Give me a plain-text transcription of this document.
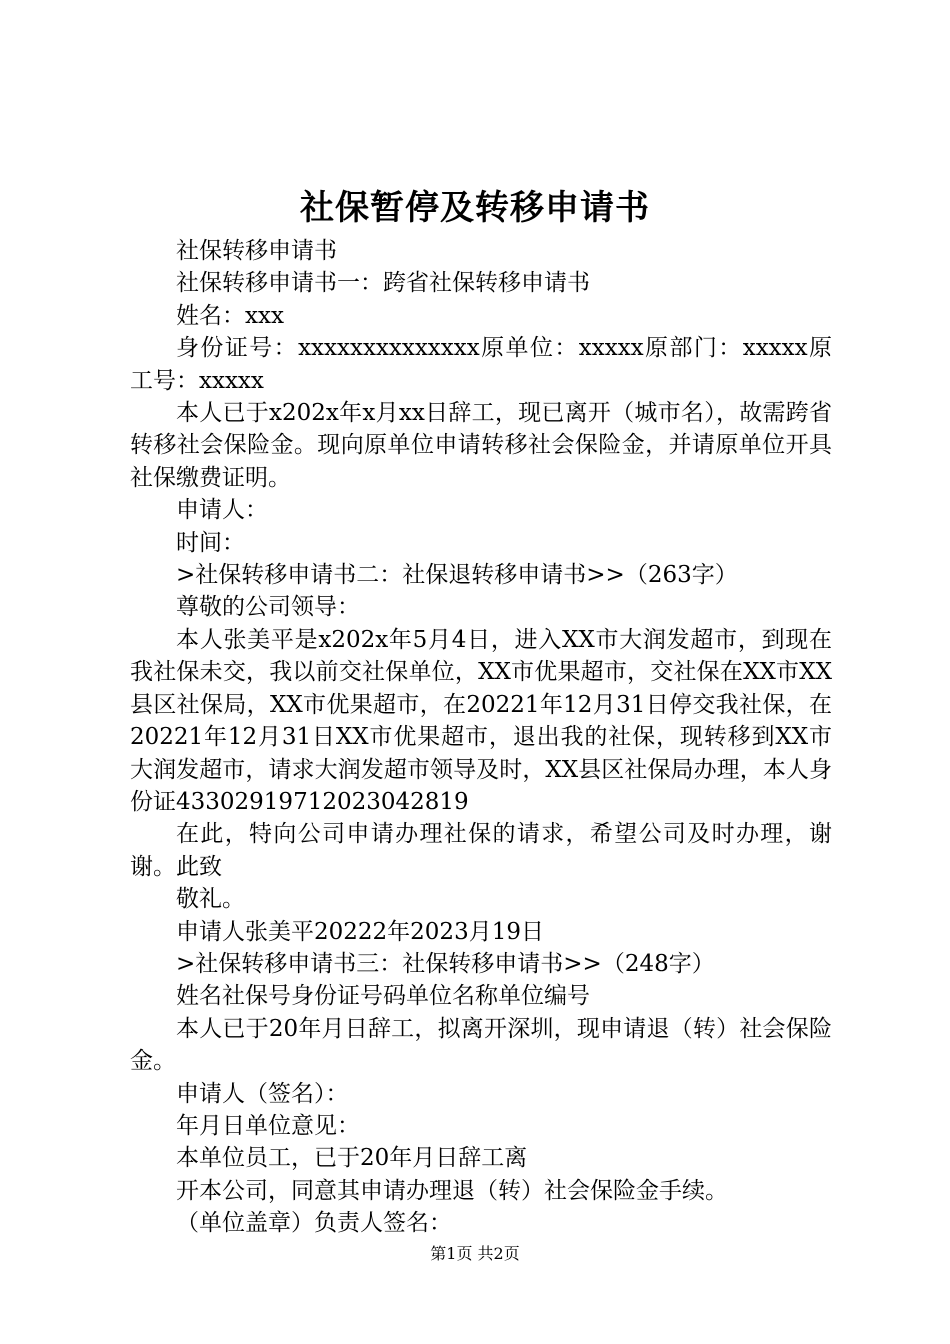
社保暂停及转移申请书

社保转移申请书

社保转移申请书一：跨省社保转移申请书

姓名：xxx

身份证号：xxxxxxxxxxxxxx原单位：xxxxx原部门：xxxxx原工号：xxxxx

本人已于x202x年x月xx日辞工，现已离开（城市名），故需跨省转移社会保险金。现向原单位申请转移社会保险金，并请原单位开具社保缴费证明。

申请人：

时间：

>社保转移申请书二：社保退转移申请书>>（263字）

尊敬的公司领导：

本人张美平是x202x年5月4日，进入XX市大润发超市，到现在我社保未交，我以前交社保单位，XX市优果超市，交社保在XX市XX县区社保局，XX市优果超市，在20221年12月31日停交我社保，在20221年12月31日XX市优果超市，退出我的社保，现转移到XX市大润发超市，请求大润发超市领导及时，XX县区社保局办理，本人身份证43302919712023042819

在此，特向公司申请办理社保的请求，希望公司及时办理，谢谢。此致

敬礼。

申请人张美平20222年2023月19日

>社保转移申请书三：社保转移申请书>>（248字）

姓名社保号身份证号码单位名称单位编号

本人已于20年月日辞工，拟离开深圳，现申请退（转）社会保险金。

申请人（签名）：

年月日单位意见：

本单位员工，已于20年月日辞工离

开本公司，同意其申请办理退（转）社会保险金手续。

（单位盖章）负责人签名：

第1页 共2页
